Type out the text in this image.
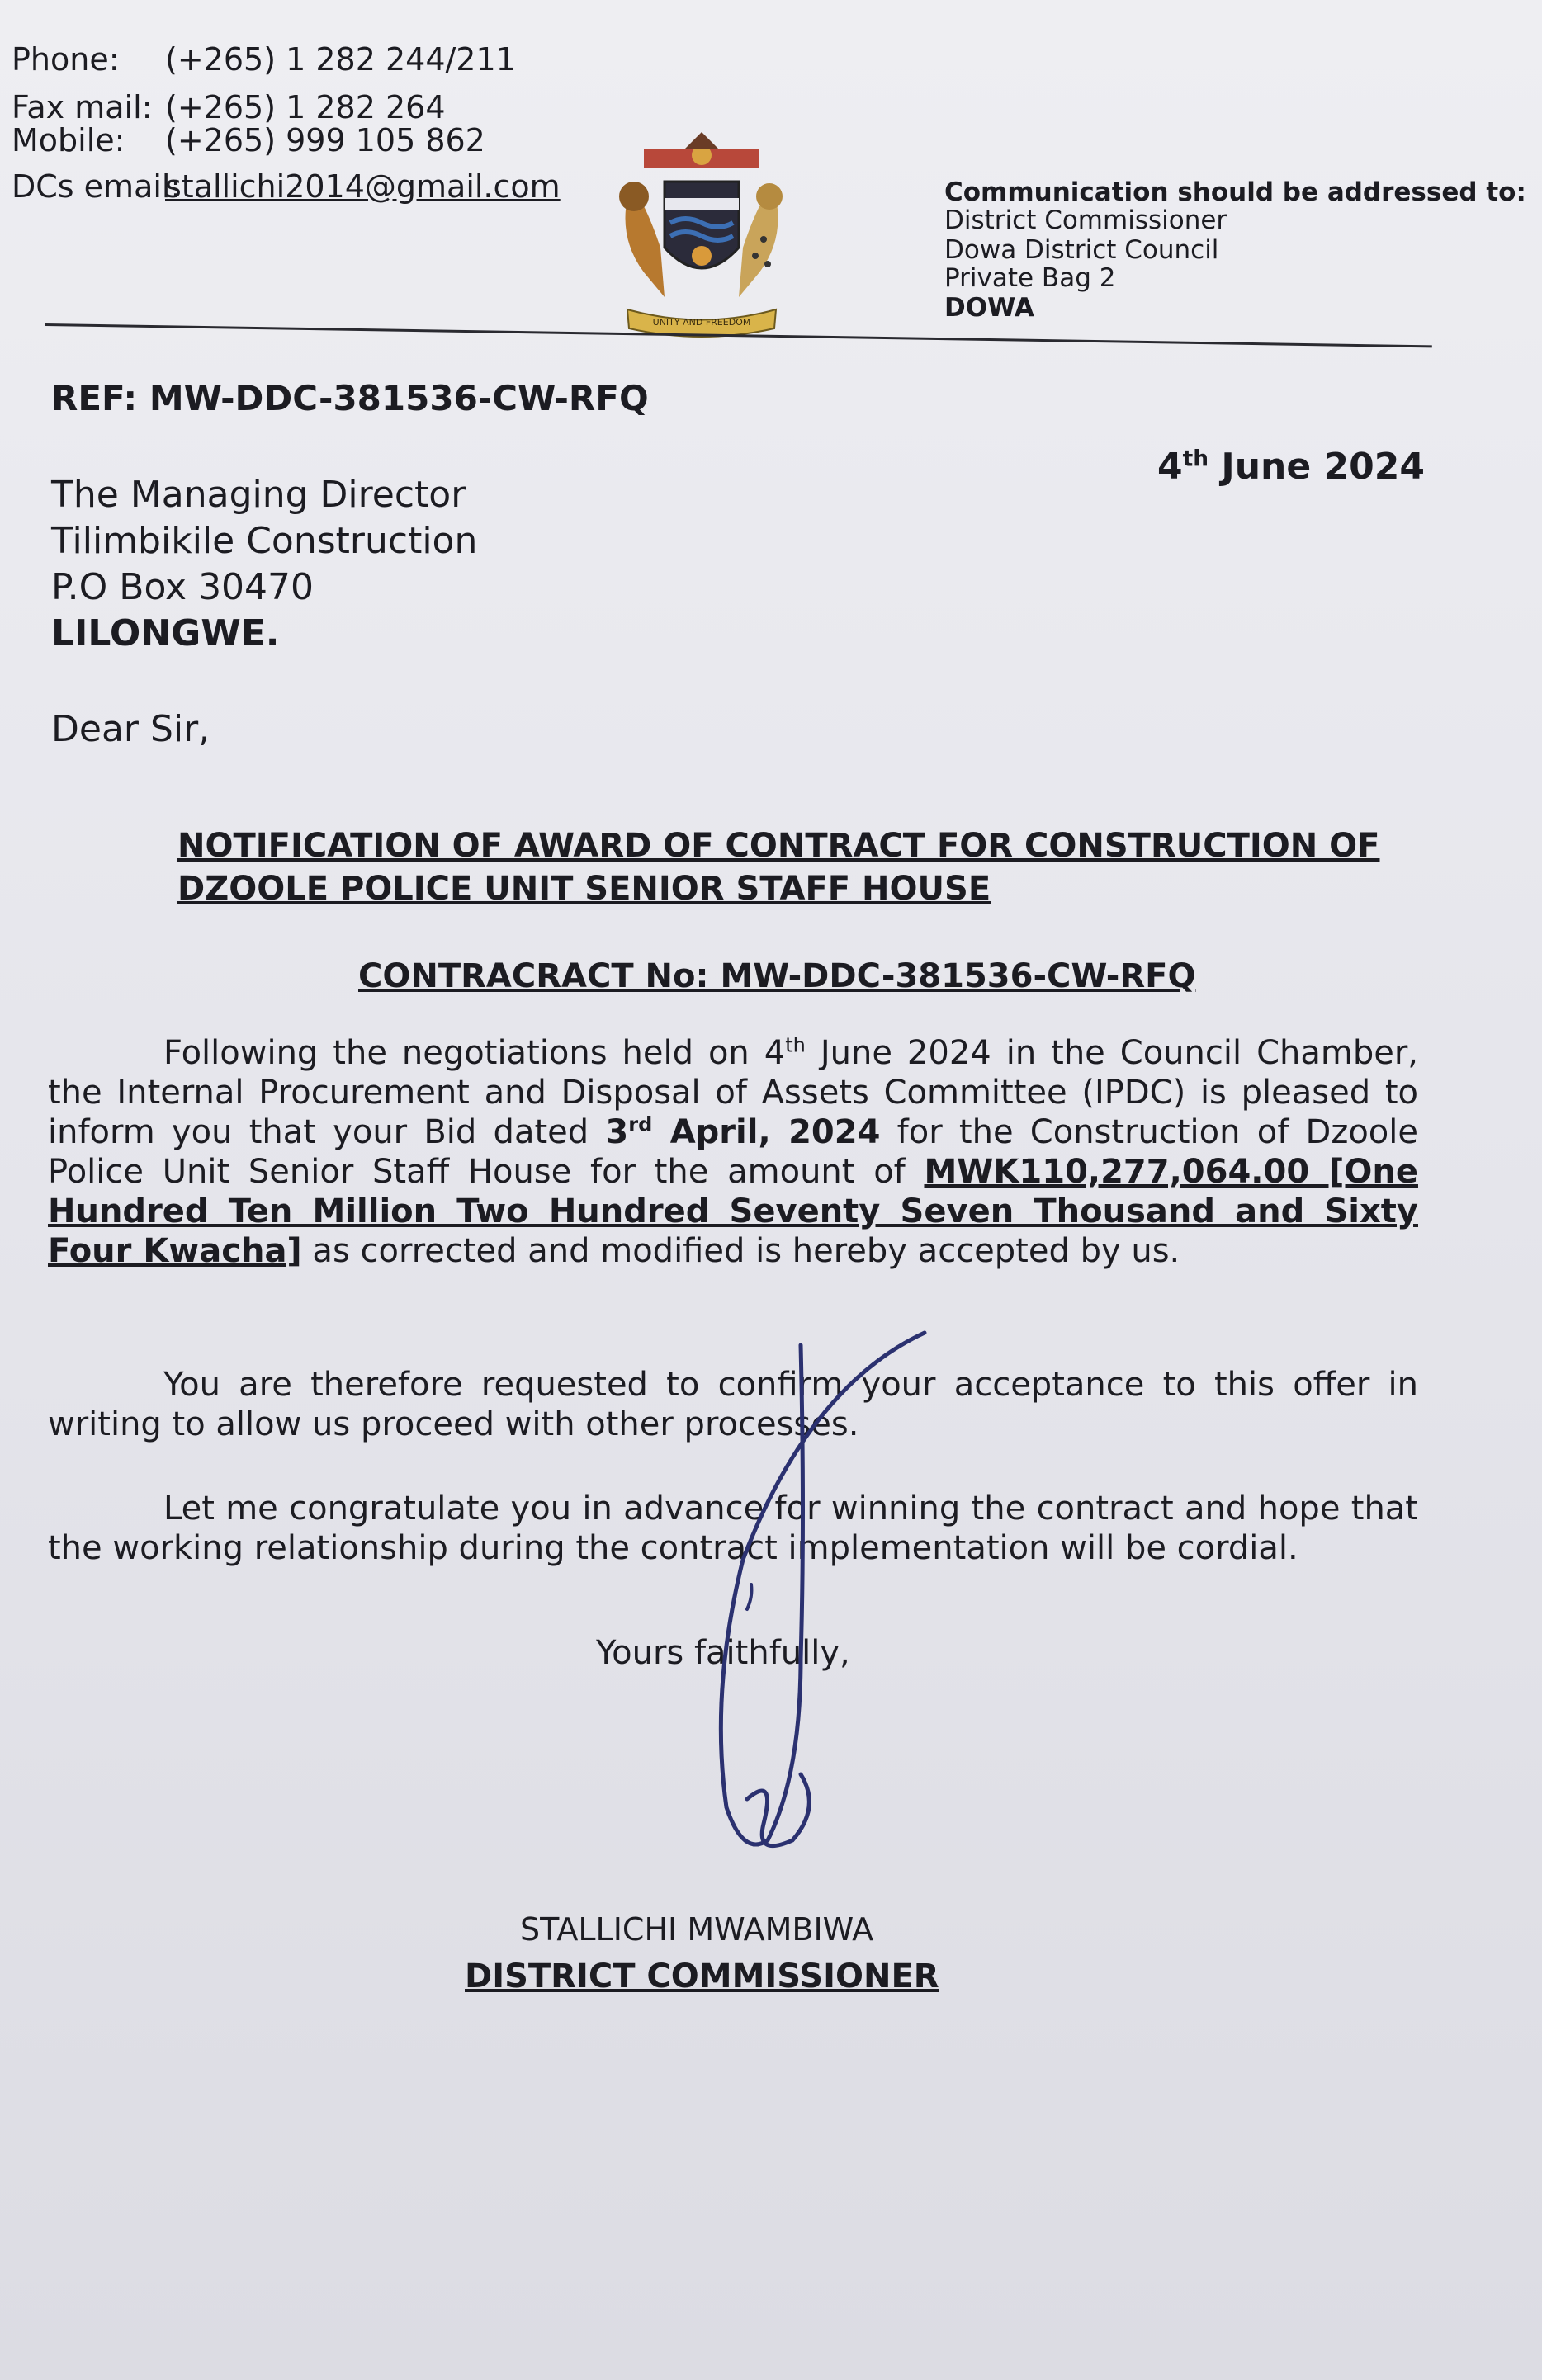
Phone: (+265) 1 282 244/211
Fax mail: (+265) 1 282 264
Mobile: (+265) 999 105 862
DCs email:stallichi2014@gmail.com
UNITY AND FREEDOM
Communication should be addressed to:
District Commissioner
Dowa District Council
Private Bag 2
DOWA
REF: MW-DDC-381536-CW-RFQ
4th June 2024
The Managing Director
Tilimbikile Construction
P.O Box 30470
LILONGWE.
Dear Sir,
NOTIFICATION OF AWARD OF CONTRACT FOR CONSTRUCTION OF
DZOOLE POLICE UNIT SENIOR STAFF HOUSE
CONTRACRACT No: MW-DDC-381536-CW-RFQ

Following the negotiations held on 4th June 2024 in the Council Chamber, the Internal Procurement and Disposal of Assets Committee (IPDC) is pleased to inform you that your Bid dated 3rd April, 2024 for the Construction of Dzoole Police Unit Senior Staff House for the amount of MWK110,277,064.00 [One Hundred Ten Million Two Hundred Seventy Seven Thousand and Sixty Four Kwacha] as corrected and modified is hereby accepted by us.

You are therefore requested to confirm your acceptance to this offer in writing to allow us proceed with other processes.

Let me congratulate you in advance for winning the contract and hope that the working relationship during the contract implementation will be cordial.

Yours faithfully,
STALLICHI MWAMBIWA
DISTRICT COMMISSIONER
